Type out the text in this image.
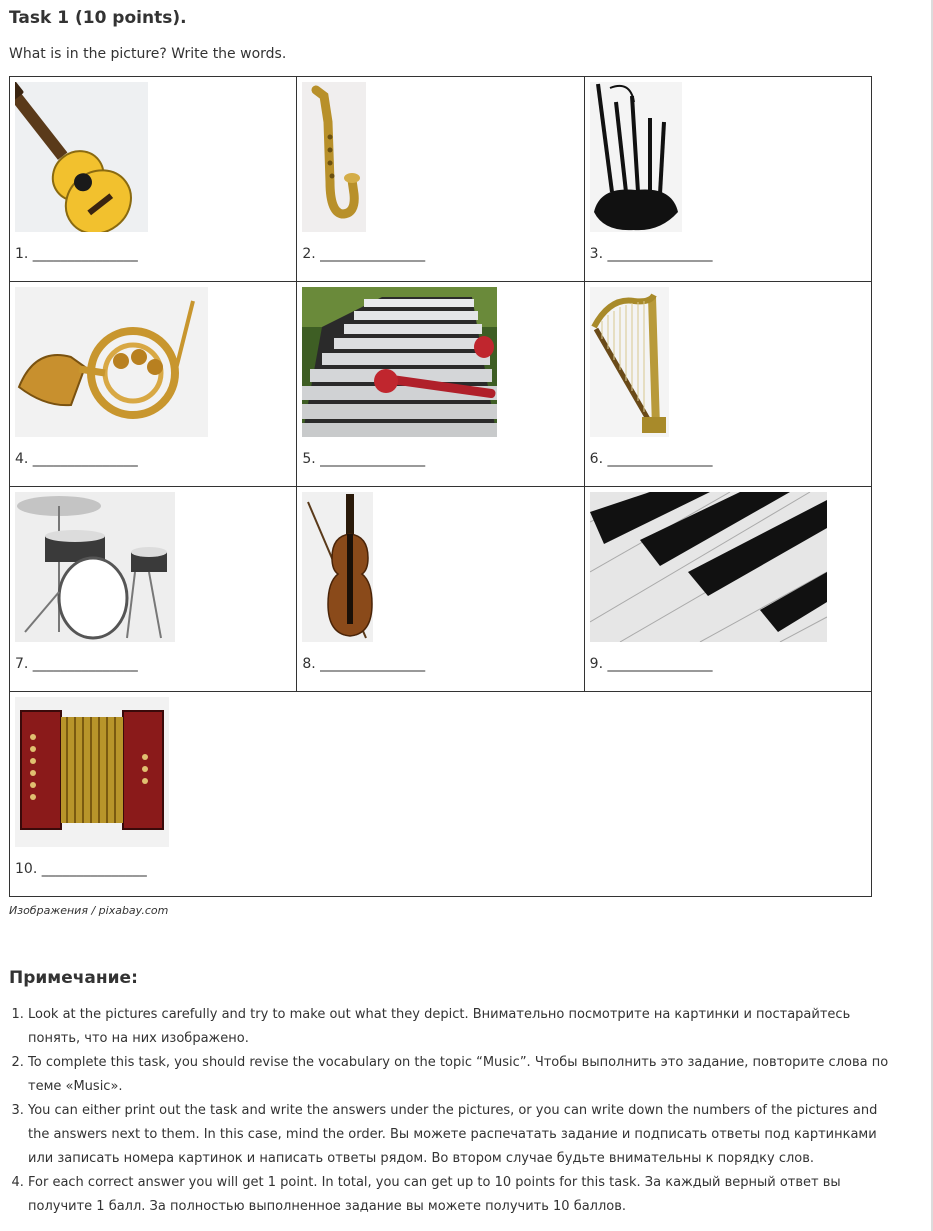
Task 1 (10 points).
What is in the picture? Write the words.
1. _______________	2. _______________	3. _______________

4. _______________	5. _______________	6. _______________

7. _______________	8. _______________	9. _______________

10. _______________		
Изображения / pixabay.com
Примечание:
1. Look at the pictures carefully and try to make out what they depict. Внимательно посмотрите на картинки и постарайтесь понять, что на них изображено.
2. To complete this task, you should revise the vocabulary on the topic “Music”. Чтобы выполнить это задание, повторите слова по теме «Music».
3. You can either print out the task and write the answers under the pictures, or you can write down the numbers of the pictures and the answers next to them. In this case, mind the order. Вы можете распечатать задание и подписать ответы под картинками или записать номера картинок и написать ответы рядом. Во втором случае будьте внимательны к порядку слов.
4. For each correct answer you will get 1 point. In total, you can get up to 10 points for this task. За каждый верный ответ вы получите 1 балл. За полностью выполненное задание вы можете получить 10 баллов.
